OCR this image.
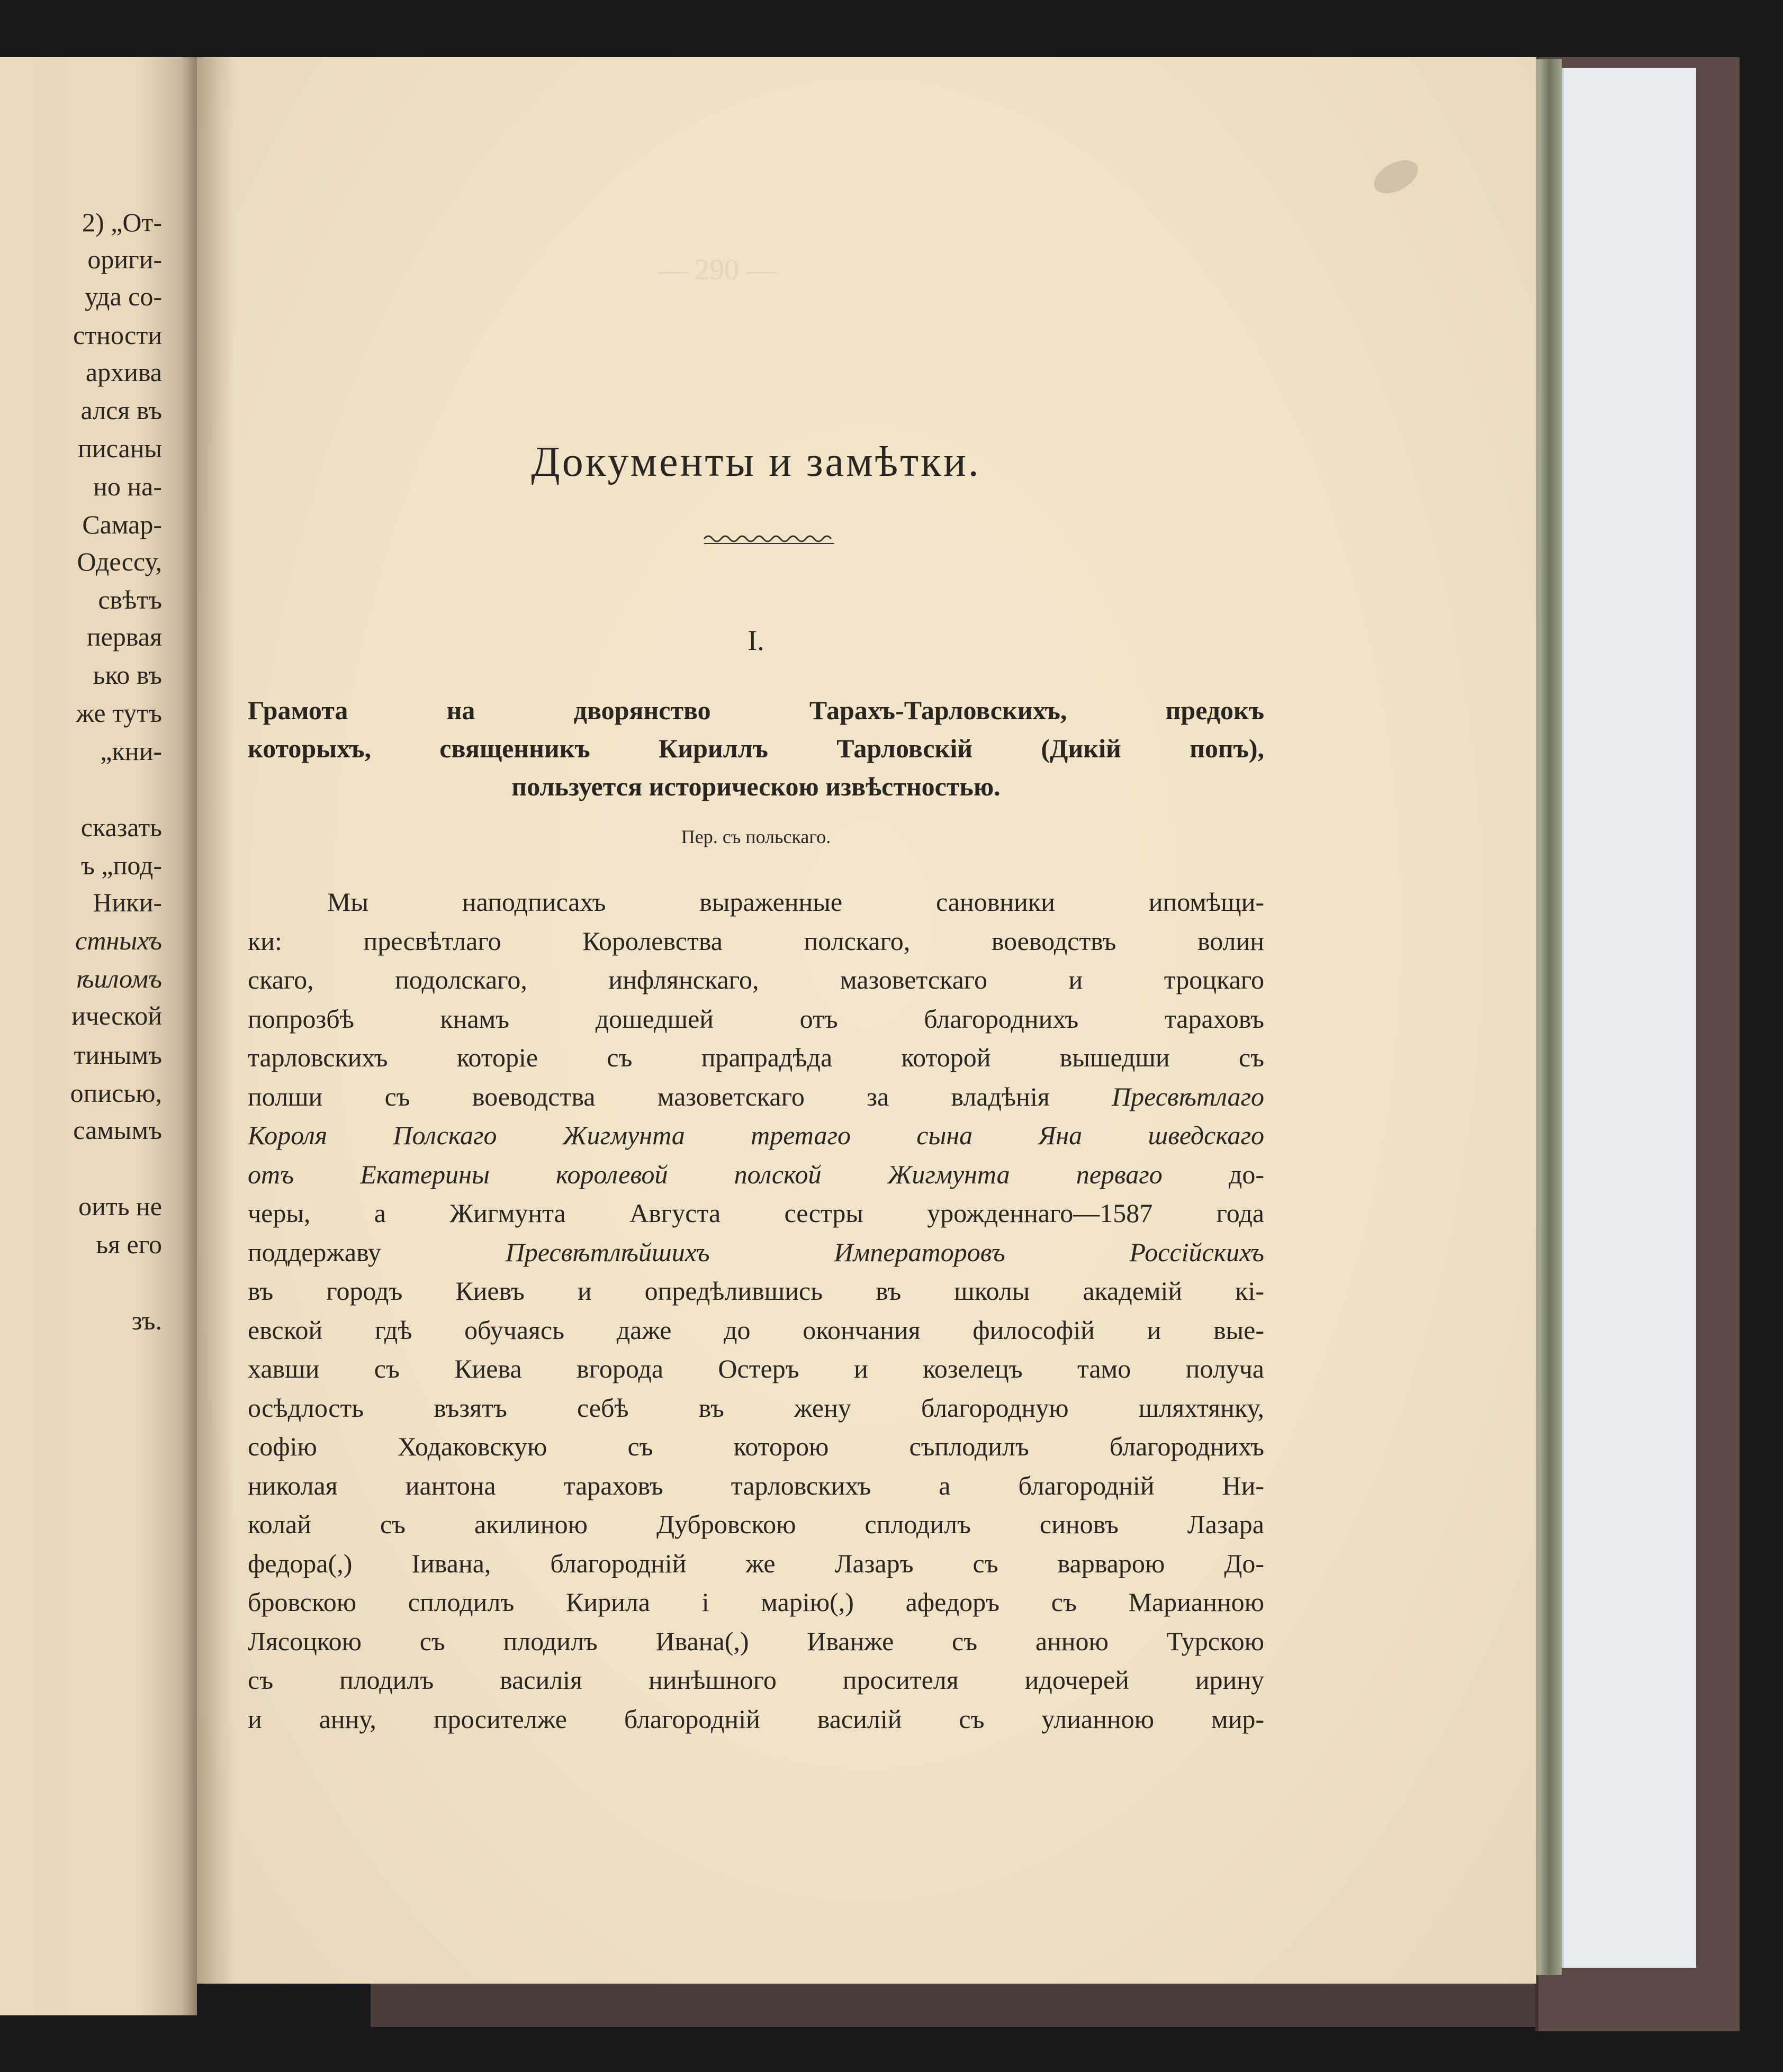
2) „От-
ориги-
уда со-
стности
архива
ался въ
писаны
но на-
Самар-
Одессу,
свѣтъ
первая
ько въ
же тутъ
„кни-
сказать
ъ „под-
Ники-
стныхъ
ѣиломъ
ической
тинымъ
описью,
самымъ
оить не
ья его
зъ.
— 290 —
Документы и замѣтки.
I.
Грамота на дворянство Тарахъ-Тарловскихъ, предокъ
которыхъ, священникъ Кириллъ Тарловскій (Дикій попъ),
пользуется историческою извѣстностью.
Пер. съ польскаго.
Мы наподписахъ выраженные сановники ипомѣщи-
ки: пресвѣтлаго Королевства полскаго, воеводствъ волин
скаго, подолскаго, инфлянскаго, мазоветскаго и троцкаго
попрозбѣ кнамъ дошедшей отъ благороднихъ тараховъ
тарловскихъ которіе съ прапрадѣда которой вышедши съ
полши съ воеводства мазоветскаго за владѣнія Пресвѣтлаго
Короля Полскаго Жигмунта третаго сына Яна шведскаго
отъ Екатерины королевой полской Жигмунта перваго до-
черы, а Жигмунта Августа сестры урожденнаго—1587 года
поддержаву Пресвѣтлѣйшихъ Императоровъ Россійскихъ
въ городъ Киевъ и опредѣлившись въ школы академій кі-
евской гдѣ обучаясь даже до окончания философій и вые-
хавши съ Киева вгорода Остеръ и козелецъ тамо получа
осѣдлость възятъ себѣ въ жену благородную шляхтянку,
софію Ходаковскую съ которою съплодилъ благороднихъ
николая иантона тараховъ тарловскихъ а благородній Ни-
колай съ акилиною Дубровскою сплодилъ синовъ Лазара
федора(,) Іивана, благородній же Лазаръ съ варварою До-
бровскою сплодилъ Кирила і марію(,) афедоръ съ Марианною
Лясоцкою съ плодилъ Ивана(,) Иванже съ анною Турскою
съ плодилъ василія нинѣшного просителя идочерей ирину
и анну, просителже благородній василій съ улианною мир-
